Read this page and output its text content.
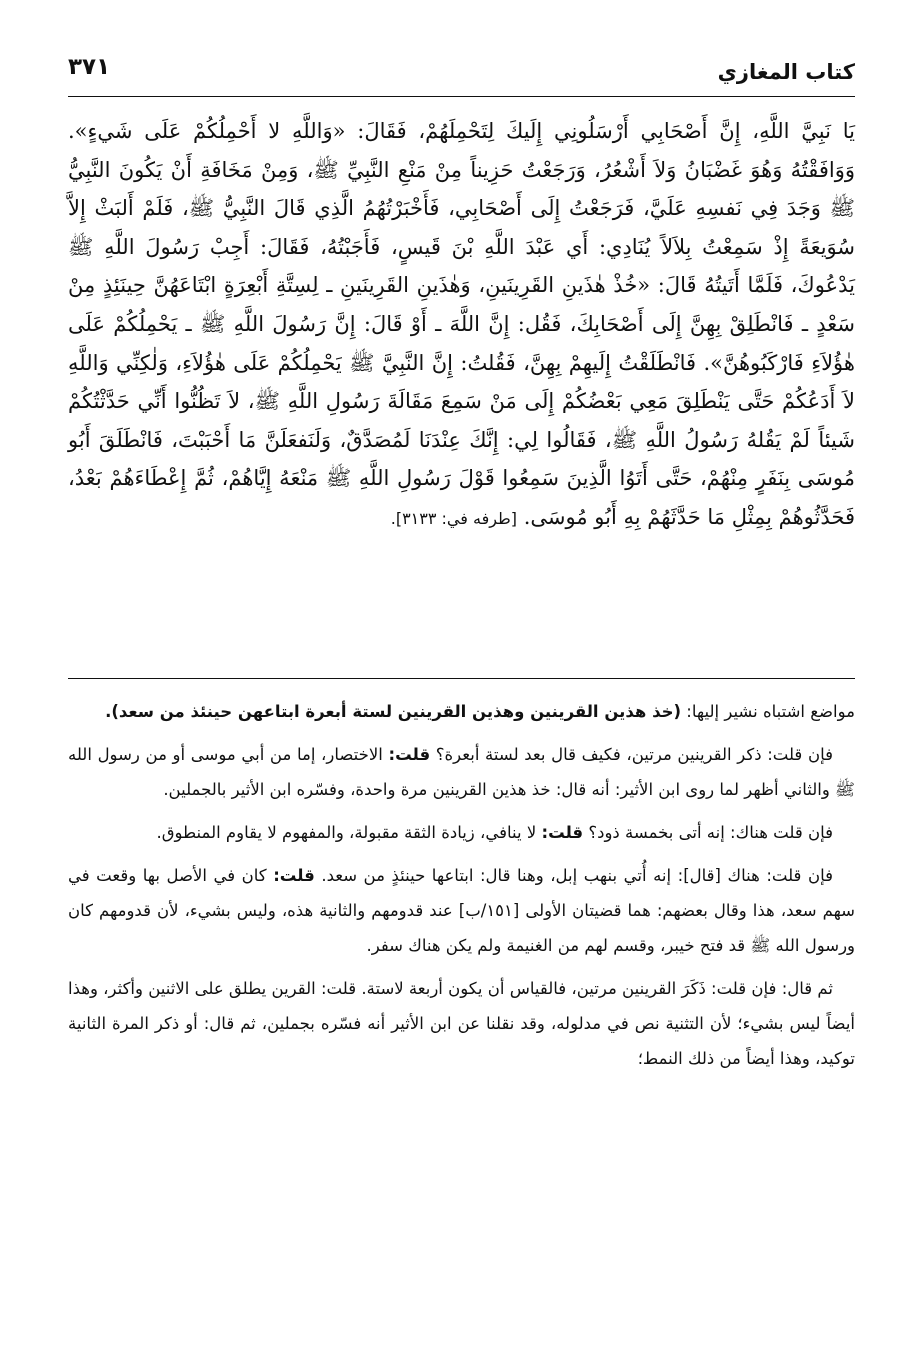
كتاب المغازي
٣٧١
يَا نَبِيَّ اللَّهِ، إِنَّ أَصْحَابِي أَرْسَلُونِي إِلَيكَ لِتَحْمِلَهُمْ، فَقَالَ: «وَاللَّهِ لا أَحْمِلُكُمْ عَلَى شَيءٍ». وَوَافَقْتُهُ وَهُوَ غَضْبَانُ وَلاَ أَشْعُرُ، وَرَجَعْتُ حَزِيناً مِنْ مَنْعِ النَّبِيِّ ﷺ، وَمِنْ مَخَافَةِ أَنْ يَكُونَ النَّبِيُّ ﷺ وَجَدَ فِي نَفسِهِ عَلَيَّ، فَرَجَعْتُ إِلَى أَصْحَابِي، فَأَخْبَرْتُهُمُ الَّذِي قَالَ النَّبِيُّ ﷺ، فَلَمْ أَلبَثْ إِلاَّ سُوَيعَةً إِذْ سَمِعْتُ بِلاَلاً يُنَادِي: أَي عَبْدَ اللَّهِ بْنَ قَيسٍ، فَأَجَبْتُهُ، فَقَالَ: أَجِبْ رَسُولَ اللَّهِ ﷺ يَدْعُوكَ، فَلَمَّا أَتَيتُهُ قَالَ: «خُذْ هٰذَينِ القَرِينَينِ، وَهٰذَينِ القَرِينَينِ ـ لِسِتَّةِ أَبْعِرَةٍ ابْتَاعَهُنَّ حِينَئِذٍ مِنْ سَعْدٍ ـ فَانْطَلِقْ بِهِنَّ إِلَى أَصْحَابِكَ، فَقُل: إِنَّ اللَّهَ ـ أَوْ قَالَ: إِنَّ رَسُولَ اللَّهِ ﷺ ـ يَحْمِلُكُمْ عَلَى هٰؤُلاَءِ فَارْكَبُوهُنَّ». فَانْطَلَقْتُ إِلَيهِمْ بِهِنَّ، فَقُلتُ: إِنَّ النَّبِيَّ ﷺ يَحْمِلُكُمْ عَلَى هٰؤُلاَءِ، وَلٰكِنِّي وَاللَّهِ لاَ أَدَعُكُمْ حَتَّى يَنْطَلِقَ مَعِي بَعْضُكُمْ إِلَى مَنْ سَمِعَ مَقَالَةَ رَسُولِ اللَّهِ ﷺ، لاَ تَظُنُّوا أَنِّي حَدَّثْتُكُمْ شَيئاً لَمْ يَقُلهُ رَسُولُ اللَّهِ ﷺ، فَقَالُوا لِي: إِنَّكَ عِنْدَنَا لَمُصَدَّقٌ، وَلَنَفعَلَنَّ مَا أَحْبَبْتَ، فَانْطَلَقَ أَبُو مُوسَى بِنَفَرٍ مِنْهُمْ، حَتَّى أَتَوُا الَّذِينَ سَمِعُوا قَوْلَ رَسُولِ اللَّهِ ﷺ مَنْعَهُ إِيَّاهُمْ، ثُمَّ إِعْطَاءَهُمْ بَعْدُ، فَحَدَّثُوهُمْ بِمِثْلِ مَا حَدَّثَهُمْ بِهِ أَبُو مُوسَى. [طرفه في: ٣١٣٣].

مواضع اشتباه نشير إليها: (خذ هذين القرينين وهذين القرينين لستة أبعرة ابتاعهن حينئذ من سعد).

فإن قلت: ذكر القرينين مرتين، فكيف قال بعد لستة أبعرة؟ قلت: الاختصار، إما من أبي موسى أو من رسول الله ﷺ والثاني أظهر لما روى ابن الأثير: أنه قال: خذ هذين القرينين مرة واحدة، وفسّره ابن الأثير بالجملين.

فإن قلت هناك: إنه أتى بخمسة ذود؟ قلت: لا ينافي، زيادة الثقة مقبولة، والمفهوم لا يقاوم المنطوق.

فإن قلت: هناك [قال]: إنه أُتي بنهب إبل، وهنا قال: ابتاعها حينئذٍ من سعد. قلت: كان في الأصل بها وقعت في سهم سعد، هذا وقال بعضهم: هما قضيتان الأولى [١٥١/ب] عند قدومهم والثانية هذه، وليس بشيء، لأن قدومهم كان ورسول الله ﷺ قد فتح خيبر، وقسم لهم من الغنيمة ولم يكن هناك سفر.

ثم قال: فإن قلت: ذَكَرَ القرينين مرتين، فالقياس أن يكون أربعة لاستة. قلت: القرين يطلق على الاثنين وأكثر، وهذا أيضاً ليس بشيء؛ لأن التثنية نص في مدلوله، وقد نقلنا عن ابن الأثير أنه فسّره بجملين، ثم قال: أو ذكر المرة الثانية توكيد، وهذا أيضاً من ذلك النمط؛
